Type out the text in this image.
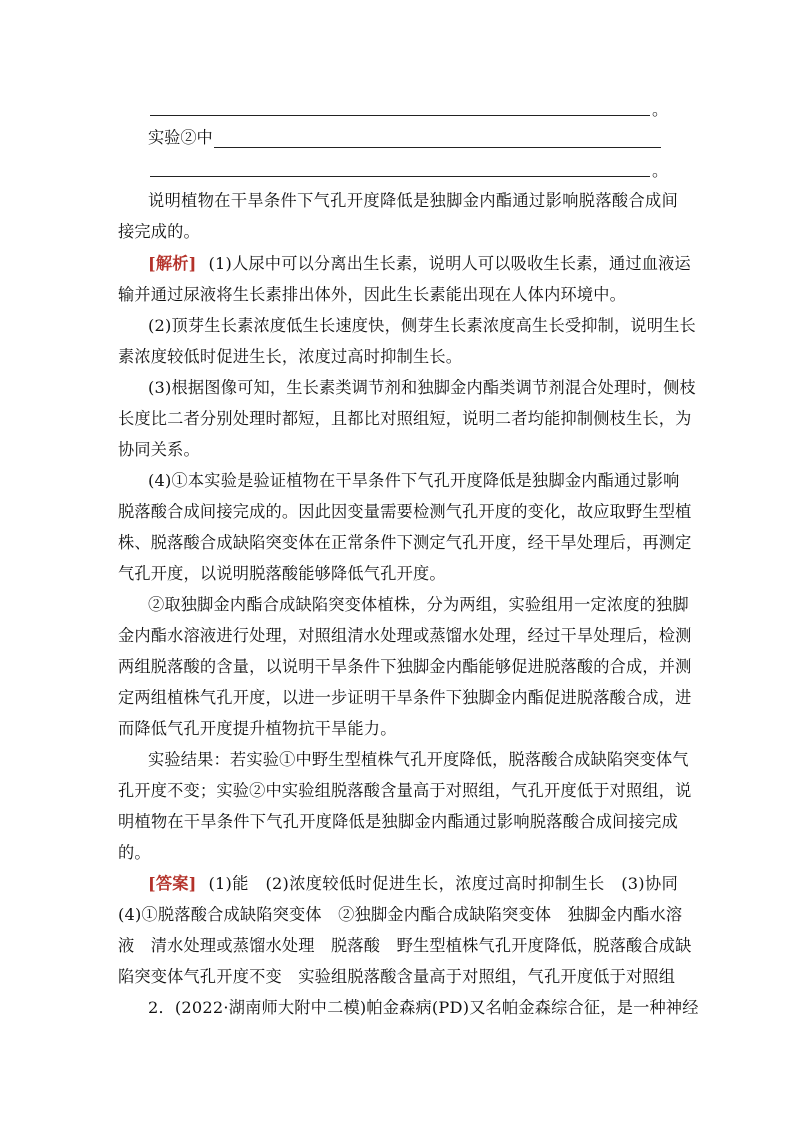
。
实验②中
。
说明植物在干旱条件下气孔开度降低是独脚金内酯通过影响脱落酸合成间
接完成的。
[解析] (1)人尿中可以分离出生长素，说明人可以吸收生长素，通过血液运
输并通过尿液将生长素排出体外，因此生长素能出现在人体内环境中。
(2)顶芽生长素浓度低生长速度快，侧芽生长素浓度高生长受抑制，说明生长
素浓度较低时促进生长，浓度过高时抑制生长。
(3)根据图像可知，生长素类调节剂和独脚金内酯类调节剂混合处理时，侧枝
长度比二者分别处理时都短，且都比对照组短，说明二者均能抑制侧枝生长，为
协同关系。
(4)①本实验是验证植物在干旱条件下气孔开度降低是独脚金内酯通过影响
脱落酸合成间接完成的。因此因变量需要检测气孔开度的变化，故应取野生型植
株、脱落酸合成缺陷突变体在正常条件下测定气孔开度，经干旱处理后，再测定
气孔开度，以说明脱落酸能够降低气孔开度。
②取独脚金内酯合成缺陷突变体植株，分为两组，实验组用一定浓度的独脚
金内酯水溶液进行处理，对照组清水处理或蒸馏水处理，经过干旱处理后，检测
两组脱落酸的含量，以说明干旱条件下独脚金内酯能够促进脱落酸的合成，并测
定两组植株气孔开度，以进一步证明干旱条件下独脚金内酯促进脱落酸合成，进
而降低气孔开度提升植物抗干旱能力。
实验结果：若实验①中野生型植株气孔开度降低，脱落酸合成缺陷突变体气
孔开度不变；实验②中实验组脱落酸含量高于对照组，气孔开度低于对照组，说
明植物在干旱条件下气孔开度降低是独脚金内酯通过影响脱落酸合成间接完成
的。
[答案] (1)能　(2)浓度较低时促进生长，浓度过高时抑制生长　(3)协同
(4)①脱落酸合成缺陷突变体　②独脚金内酯合成缺陷突变体　独脚金内酯水溶
液　清水处理或蒸馏水处理　脱落酸　野生型植株气孔开度降低，脱落酸合成缺
陷突变体气孔开度不变　实验组脱落酸含量高于对照组，气孔开度低于对照组
2．(2022·湖南师大附中二模)帕金森病(PD)又名帕金森综合征，是一种神经
